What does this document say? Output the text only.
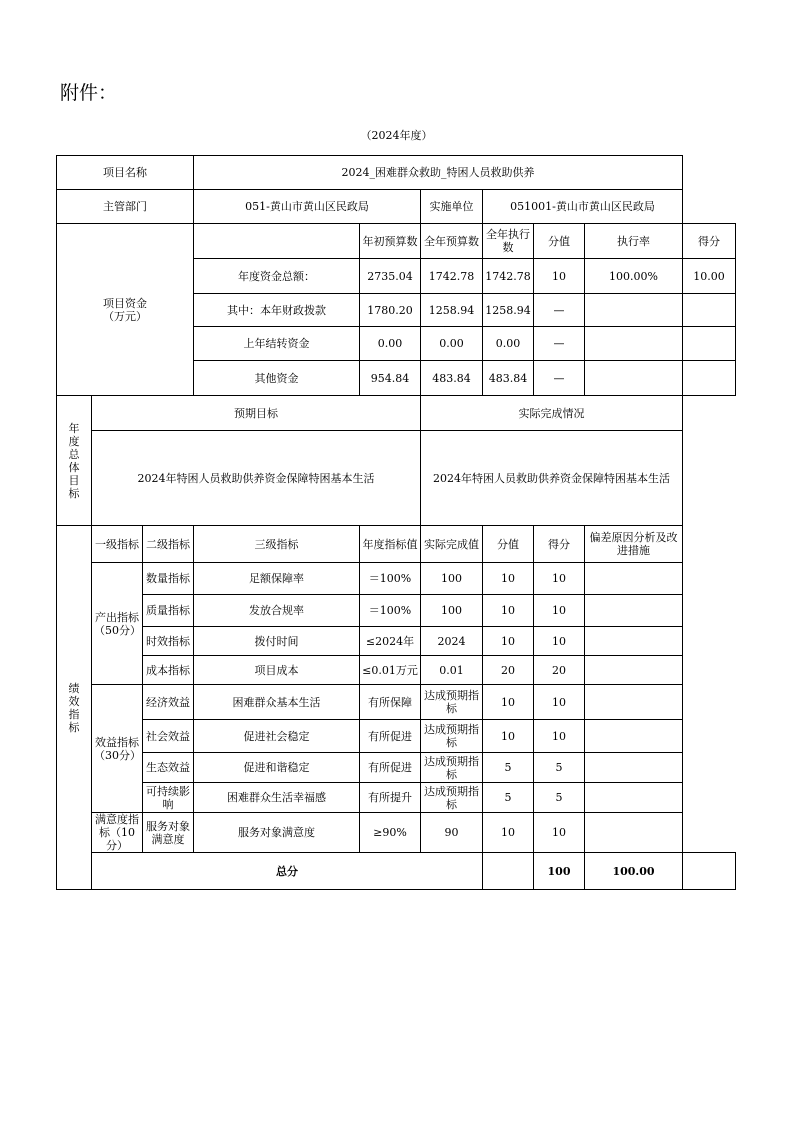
附件：
（2024年度）
项目名称			2024_困难群众救助_特困人员救助供养						
主管部门			051-黄山市黄山区民政局		实施单位	051001-黄山市黄山区民政局			
项目资金
（万元）				年初预算数	全年预算数	全年执行数	分值	执行率	得分
			年度资金总额：	2735.04	1742.78	1742.78	10	100.00%	10.00
			其中：本年财政拨款	1780.20	1258.94	1258.94	—		
			上年结转资金	0.00	0.00	0.00	—		
			其他资金	954.84	483.84	483.84	—		

年度总体目标	预期目标				实际完成情况				
	2024年特困人员救助供养资金保障特困基本生活				2024年特困人员救助供养资金保障特困基本生活				

绩效指标	一级指标	二级指标	三级指标	年度指标值	实际完成值	分值	得分	偏差原因分析及改进措施	
	产出指标（50分）	数量指标	足额保障率	＝100%	100	10	10		
		质量指标	发放合规率	＝100%	100	10	10		
		时效指标	拨付时间	≤2024年	2024	10	10		
		成本指标	项目成本	≤0.01万元	0.01	20	20		
	效益指标（30分）	经济效益	困难群众基本生活	有所保障	达成预期指标	10	10		
		社会效益	促进社会稳定	有所促进	达成预期指标	10	10		
		生态效益	促进和谐稳定	有所促进	达成预期指标	5	5		
		可持续影响	困难群众生活幸福感	有所提升	达成预期指标	5	5		
	满意度指标（10分）	服务对象满意度	服务对象满意度	≥90%	90	10	10		
	总分						100	100.00	
